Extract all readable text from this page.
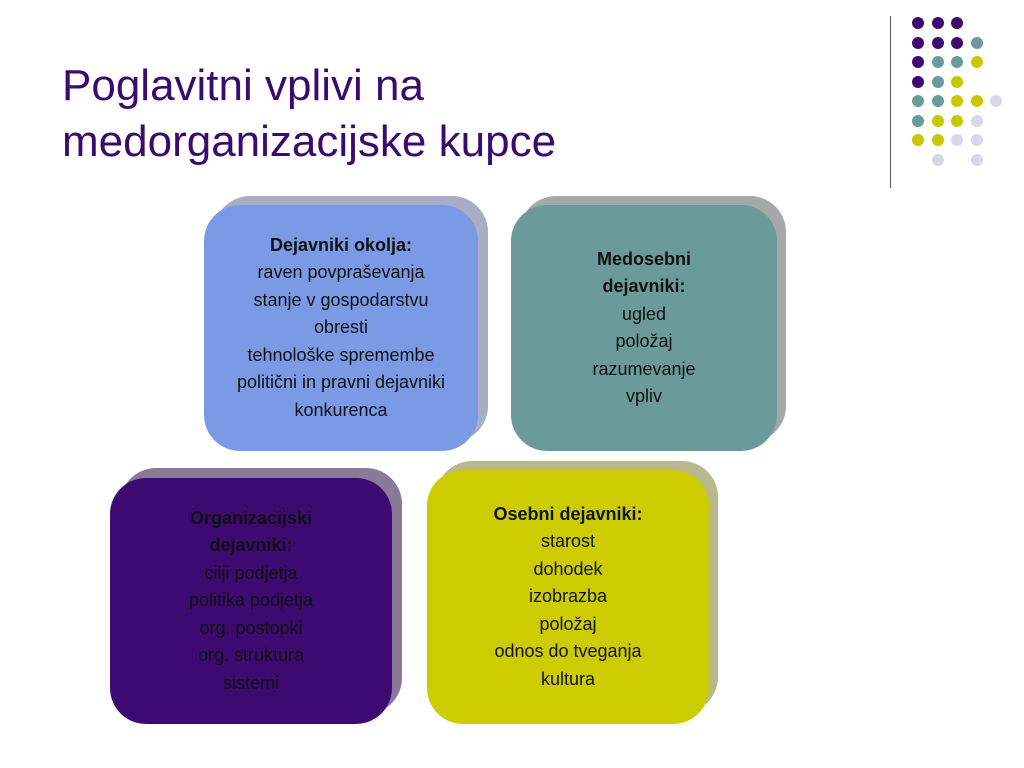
Poglavitni vplivi na
medorganizacijske kupce
Dejavniki okolja:
raven povpraševanja
stanje v gospodarstvu
obresti
tehnološke spremembe
politični in pravni dejavniki
konkurenca
Medosebni
dejavniki:
ugled
položaj
razumevanje
vpliv
Organizacijski
dejavniki:
cilji podjetja
politika podjetja
org. postopki
org. struktura
sistemi
Osebni dejavniki:
starost
dohodek
izobrazba
položaj
odnos do tveganja
kultura
